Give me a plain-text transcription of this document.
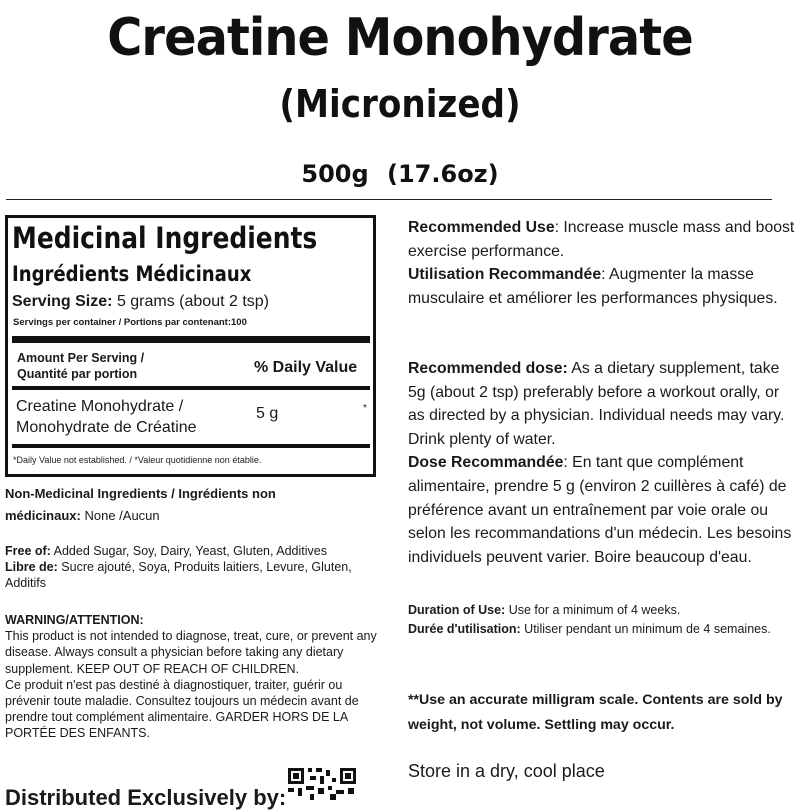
Creatine Monohydrate
(Micronized)
500g (17.6oz)
Medicinal Ingredients
Ingrédients Médicinaux
Serving Size: 5 grams (about 2 tsp)
Servings per container / Portions par contenant:100
Amount Per Serving /
Quantité par portion	% Daily Value
Creatine Monohydrate /
Monohydrate de Créatine
5 g	*
*Daily Value not established. / *Valeur quotidienne non établie.
Non-Medicinal Ingredients / Ingrédients non médicinaux: None /Aucun
Free of: Added Sugar, Soy, Dairy, Yeast, Gluten, Additives
Libre de: Sucre ajouté, Soya, Produits laitiers, Levure, Gluten, Additifs
WARNING/ATTENTION:
This product is not intended to diagnose, treat, cure, or prevent any disease. Always consult a physician before taking any dietary supplement. KEEP OUT OF REACH OF CHILDREN.
Ce produit n'est pas destiné à diagnostiquer, traiter, guérir ou prévenir toute maladie. Consultez toujours un médecin avant de prendre tout complément alimentaire. GARDER HORS DE LA PORTÉE DES ENFANTS.
Distributed Exclusively by:
Recommended Use: Increase muscle mass and boost exercise performance.
Utilisation Recommandée: Augmenter la masse musculaire et améliorer les performances physiques.
Recommended dose: As a dietary supplement, take 5g (about 2 tsp) preferably before a workout orally, or as directed by a physician. Individual needs may vary. Drink plenty of water.
Dose Recommandée: En tant que complément alimentaire, prendre 5 g (environ 2 cuillères à café) de préférence avant un entraînement par voie orale ou selon les recommandations d'un médecin. Les besoins individuels peuvent varier. Boire beaucoup d'eau.
Duration of Use: Use for a minimum of 4 weeks.
Durée d'utilisation: Utiliser pendant un minimum de 4 semaines.
**Use an accurate milligram scale. Contents are sold by weight, not volume. Settling may occur.
Store in a dry, cool place
